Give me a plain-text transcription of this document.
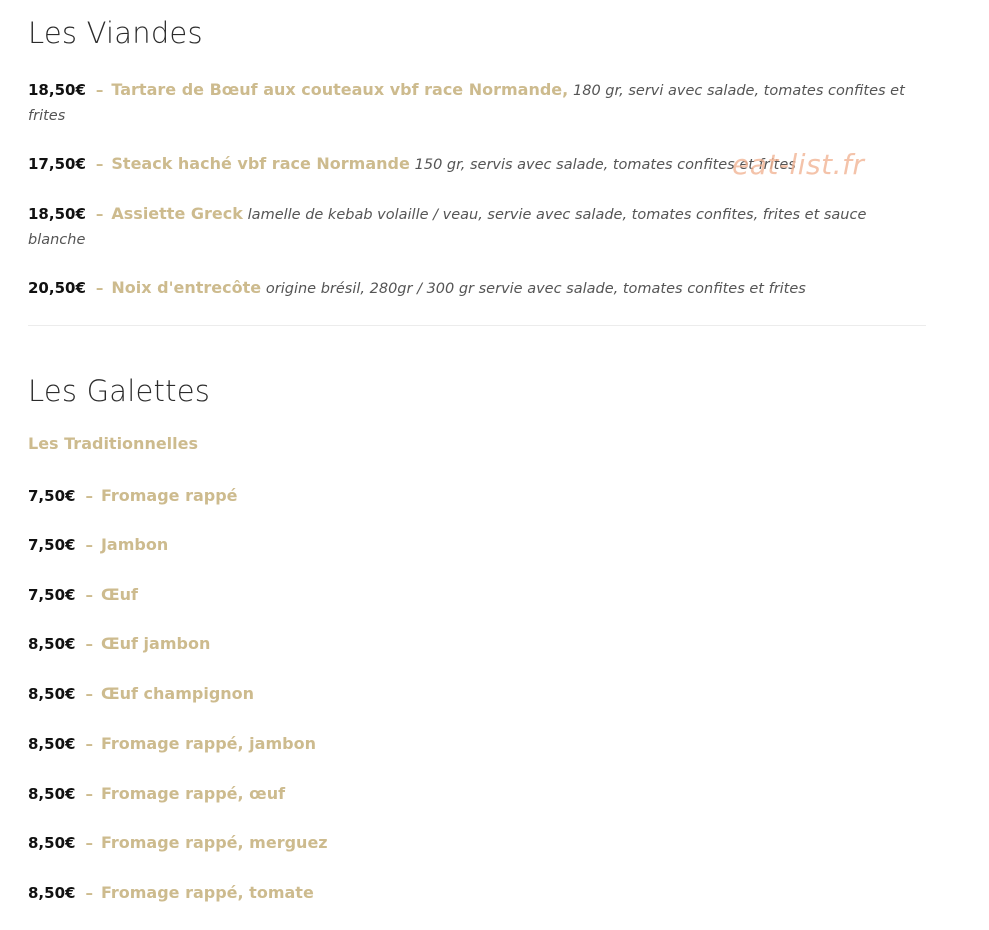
Les Viandes
18,50€ – Tartare de Bœuf aux couteaux vbf race Normande, 180 gr, servi avec salade, tomates confites et frites
17,50€ – Steack haché vbf race Normande 150 gr, servis avec salade, tomates confites et frites
18,50€ – Assiette Greck lamelle de kebab volaille / veau, servie avec salade, tomates confites, frites et sauce blanche
20,50€ – Noix d'entrecôte origine brésil, 280gr / 300 gr servie avec salade, tomates confites et frites
Les Galettes
Les Traditionnelles
7,50€ – Fromage rappé
7,50€ – Jambon
7,50€ – Œuf
8,50€ – Œuf jambon
8,50€ – Œuf champignon
8,50€ – Fromage rappé, jambon
8,50€ – Fromage rappé, œuf
8,50€ – Fromage rappé, merguez
8,50€ – Fromage rappé, tomate
eat-list.fr
